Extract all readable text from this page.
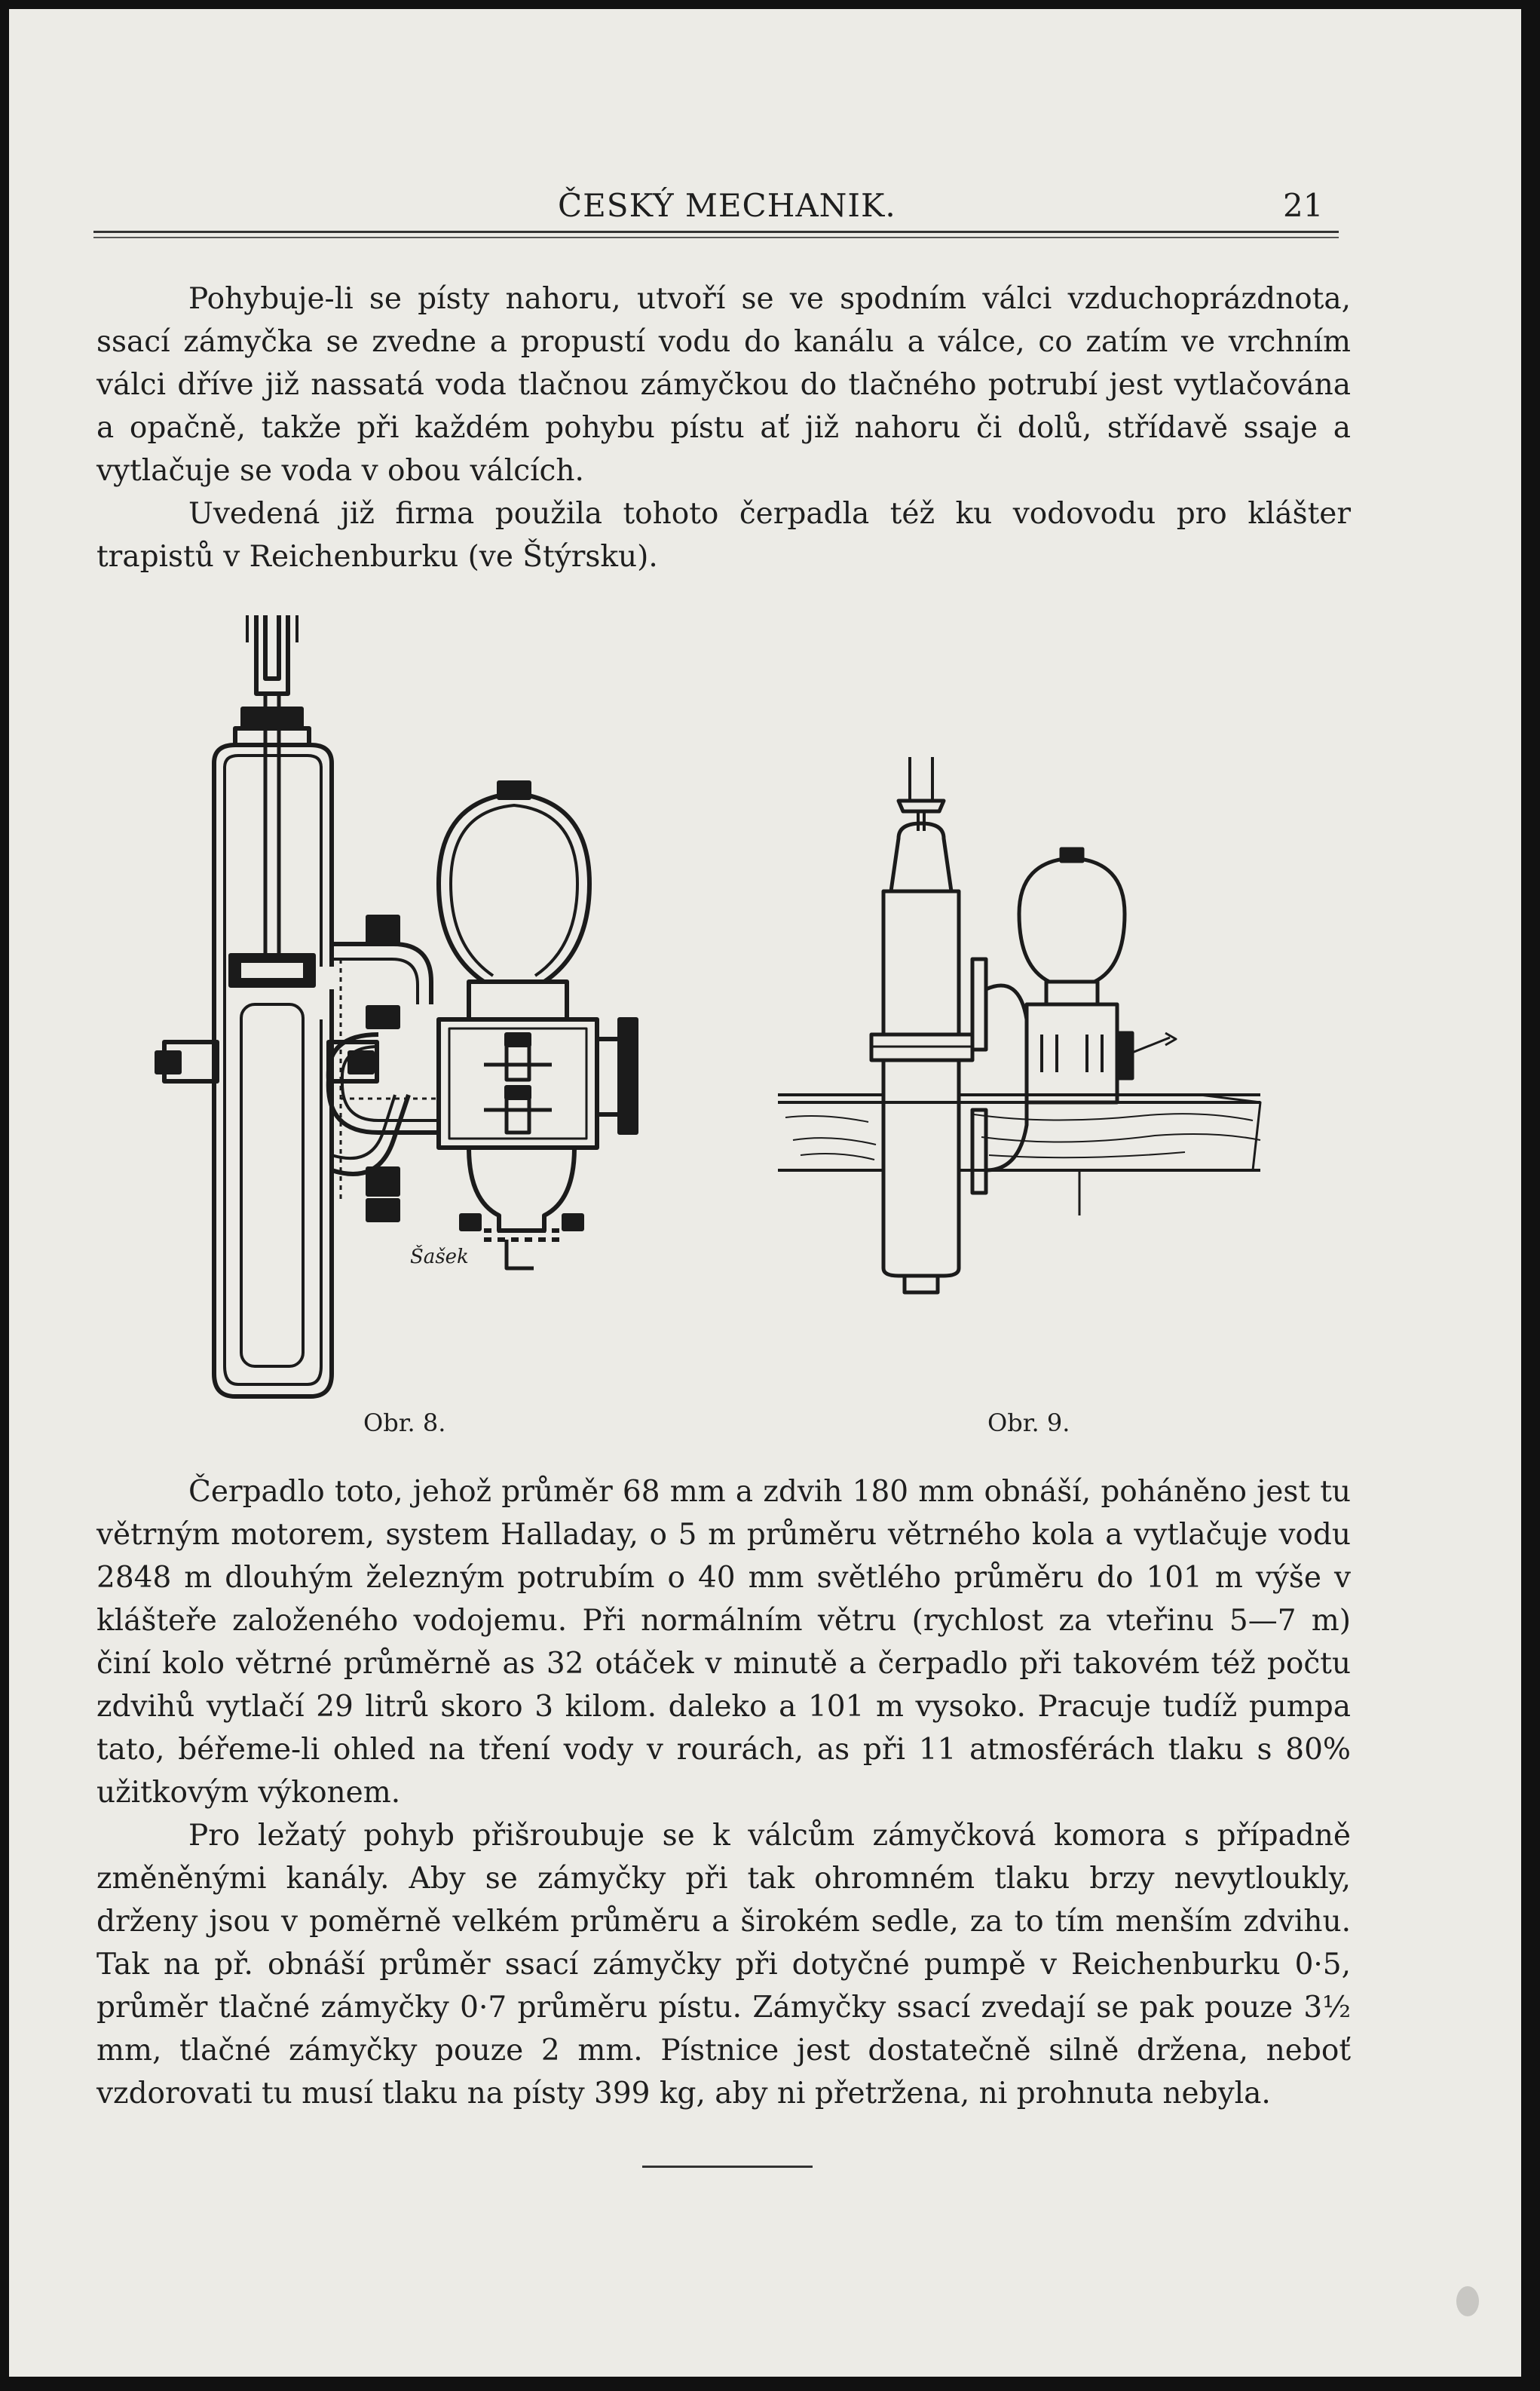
ČESKÝ MECHANIK.	21

Pohybuje-li se písty nahoru, utvoří se ve spodním válci vzduchoprázdnota, ssací zámyčka se zvedne a propustí vodu do kanálu a válce, co zatím ve vrchním válci dříve již nassatá voda tlačnou zámyčkou do tlačného potrubí jest vytlačována a opačně, takže při každém pohybu pístu ať již nahoru či dolů, střídavě ssaje a vytlačuje se voda v obou válcích.

Uvedená již firma použila tohoto čerpadla též ku vodovodu pro klášter trapistů v Reichenburku (ve Štýrsku).

Šašek
Obr. 8.	Obr. 9.

Čerpadlo toto, jehož průměr 68 mm a zdvih 180 mm obnáší, poháněno jest tu větrným motorem, system Halladay, o 5 m průměru větrného kola a vytlačuje vodu 2848 m dlouhým železným potrubím o 40 mm světlého průměru do 101 m výše v klášteře založeného vodojemu. Při normálním větru (rychlost za vteřinu 5—7 m) činí kolo větrné průměrně as 32 otáček v minutě a čerpadlo při takovém též počtu zdvihů vytlačí 29 litrů skoro 3 kilom. daleko a 101 m vysoko. Pracuje tudíž pumpa tato, béřeme-li ohled na tření vody v rourách, as při 11 atmosférách tlaku s 80% užitkovým výkonem.

Pro ležatý pohyb přišroubuje se k válcům zámyčková komora s případně změněnými kanály. Aby se zámyčky při tak ohromném tlaku brzy nevytloukly, drženy jsou v poměrně velkém průměru a širokém sedle, za to tím menším zdvihu. Tak na př. obnáší průměr ssací zámyčky při dotyčné pumpě v Reichenburku 0·5, průměr tlačné zámyčky 0·7 průměru pístu. Zámyčky ssací zvedají se pak pouze 3½ mm, tlačné zámyčky pouze 2 mm. Pístnice jest dostatečně silně držena, neboť vzdorovati tu musí tlaku na písty 399 kg, aby ni přetržena, ni prohnuta nebyla.
